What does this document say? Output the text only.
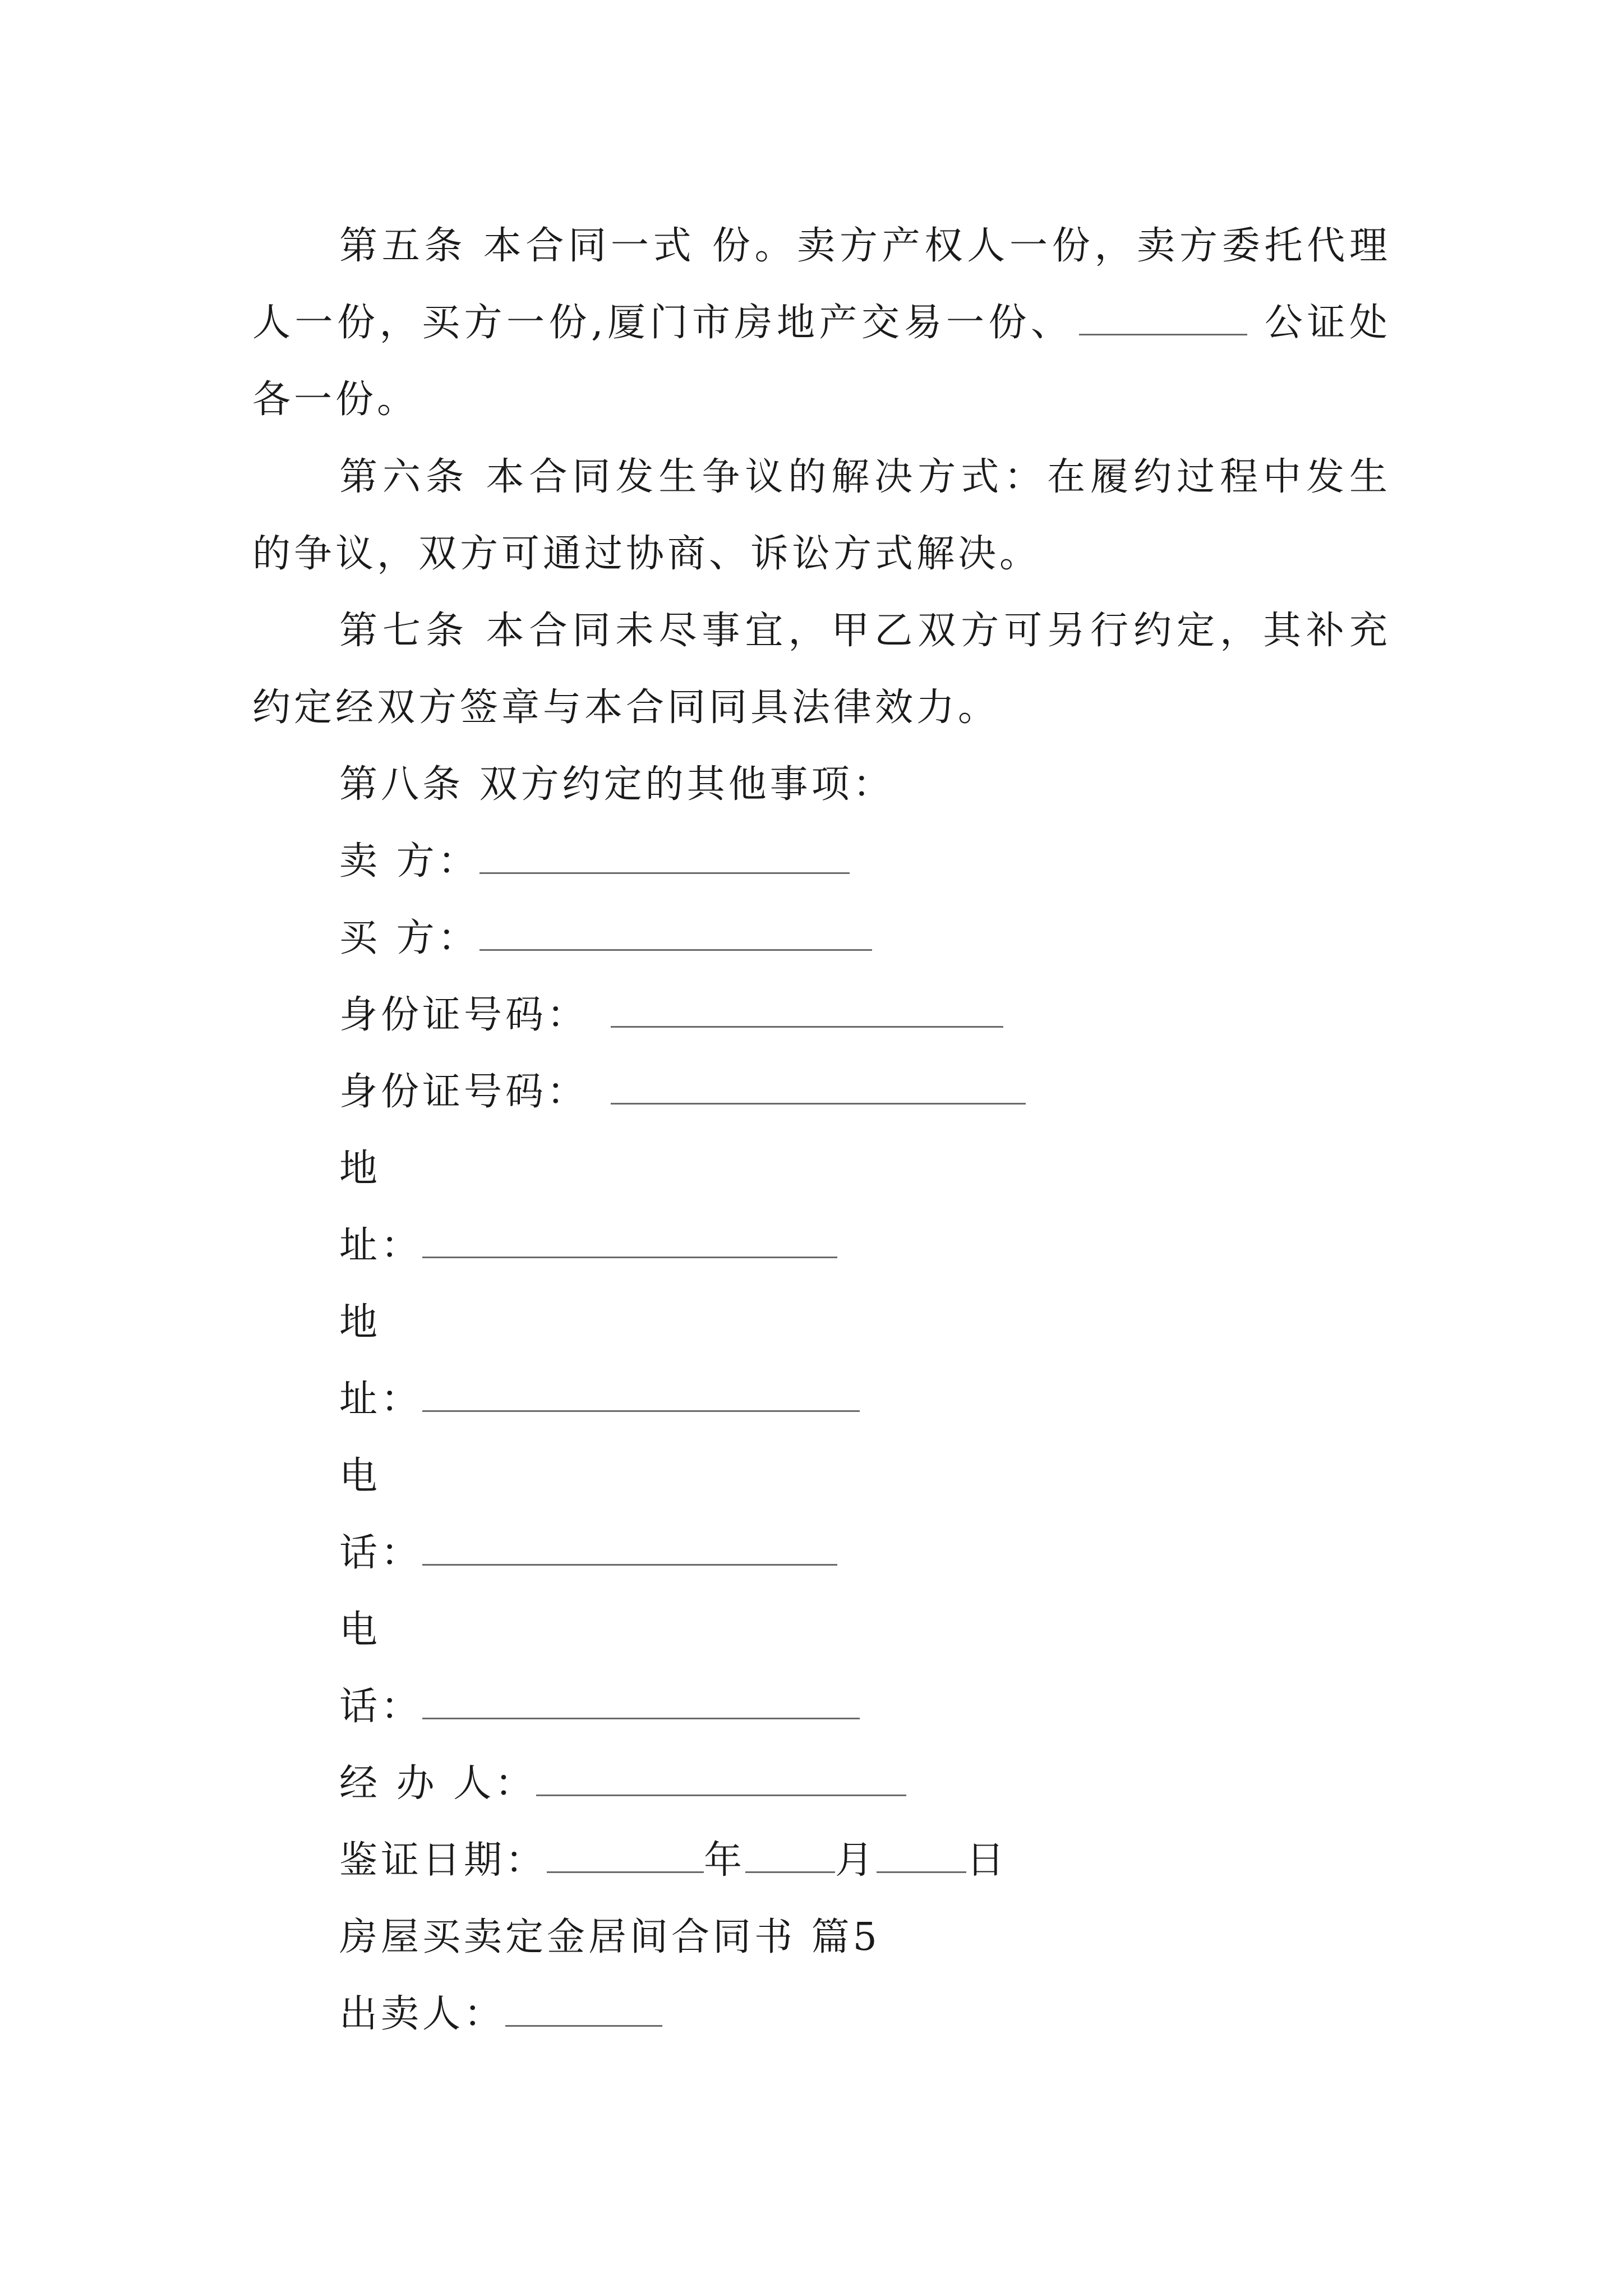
第五条 本合同一式 份。卖方产权人一份，卖方委托代理人一份，买方一份,厦门市房地产交易一份、	公证处各一份。

第六条 本合同发生争议的解决方式：在履约过程中发生的争议，双方可通过协商、诉讼方式解决。

第七条 本合同未尽事宜，甲乙双方可另行约定，其补充约定经双方签章与本合同同具法律效力。

第八条 双方约定的其他事项：

卖 方：

买 方：

身份证号码：

身份证号码：

地

址：

地

址：

电

话：

电

话：

经 办 人：

鉴证日期：	年 月 日

房屋买卖定金居间合同书 篇5

出卖人：
